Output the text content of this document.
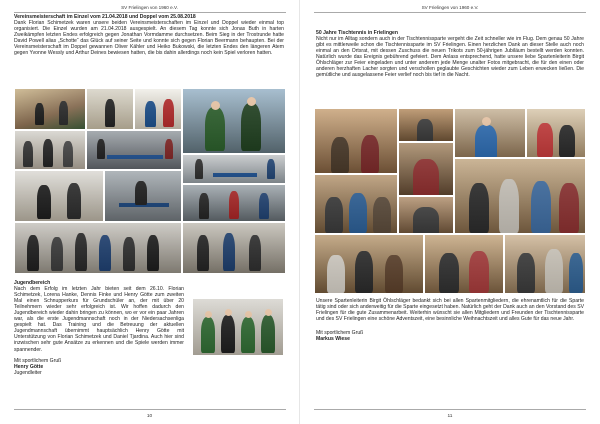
SV Frielingen von 1960 e.V.

Vereinsmeisterschaft im Einzel vom 21.04.2018 und Doppel vom 25.08.2018

Dank Florian Schimetzek waren unsere beiden Vereinsmeisterschaften im Einzel und Doppel wieder einmal top organisiert. Die Einzel wurden am 21.04.2018 ausgespielt. An diesem Tag konnte sich Jonas Buth in harten Zweikämpfen letzten Endes erfolgreich gegen Jonathan Vormdamme durchsetzen. Beim Sieg in der Trostrunde hatte David Powell alias „Schotte“ das Glück auf seiner Seite und konnte sich gegen Florian Beermann behaupten. Bei der Vereinsmeisterschaft im Doppel gewannen Oliver Kähler und Heiko Bukowski, die letzten Endes den längeren Atem gegen Yvonne Wessly und Arthur Deines bewiesen hatten, die bis dahin allerdings noch kein Spiel verloren hatten.

Jugendbereich

Nach dem Erfolg im letzten Jahr bieten seit dem 26.10. Florian Schimetzek, Lorena Hanke, Dennis Finke und Henry Götte zum zweiten Mal einen Schnupperkurs für Grundschüler an, der mit über 20 Teilnehmern wieder sehr erfolgreich ist. Wir hoffen dadurch den Jugendbereich wieder dahin bringen zu können, wo er vor ein paar Jahren war, als die erste Jugendmannschaft noch in der Niedersachsenliga gespielt hat. Das Training und die Betreuung der aktuellen Jugendmannschaft übernimmt hauptsächlich Henry Götte mit Unterstützung von Florian Schimetzek und Daniel Tjardina. Auch hier sind inzwischen sehr gute Ansätze zu erkennen und die Spiele werden immer spannender.

Mit sportlichem Gruß
Henry Götte
Jugendleiter
10
SV Frielingen von 1960 e.V.

50 Jahre Tischtennis in Frielingen

Nicht nur im Alltag sondern auch in der Tischtennissparte vergeht die Zeit schneller wie im Flug. Dem genau 50 Jahre gibt es mittlerweile schon die Tischtennissparte im SV Frielingen. Einen herzlichen Dank an dieser Stelle auch noch einmal an den Ortsrat, mit dessen Zuschuss die neuen Trikots zum 50-jährigen Jubiläum bestellt werden konnten. Natürlich wurde das Ereignis gebührend gefeiert. Dem Anlass entsprechend, hatte unsere liebe Spartenleiterin Birgit Öhlschläger zur Feier eingeladen und unter anderem jede Menge unalter Fotos mitgebracht, die für den einen oder anderen herzhaften Lacher sorgten und verschollen geglaubte Geschichten wieder zum Leben erwecken ließen. Die gemütliche und ausgelassene Feier verlief noch bis tief in die Nacht.

Unsere Spartenleiterin Birgit Öhlschläger bedankt sich bei allen Spartenmitgliedern, die ehrenamtlich für die Sparte tätig sind oder sich anderweitig für die Sparte eingesetzt haben. Natürlich geht der Dank auch an den Vorstand des SV Frielingen für die gute Zusammenarbeit. Weiterhin wünscht sie allen Mitgliedern und Freunden der Tischtennissparte und des SV Frielingen eine schöne Adventszeit, eine besinnliche Weihnachtszeit und alles Gute für das neue Jahr.

Mit sportlichem Gruß
Markus Wiese
11
